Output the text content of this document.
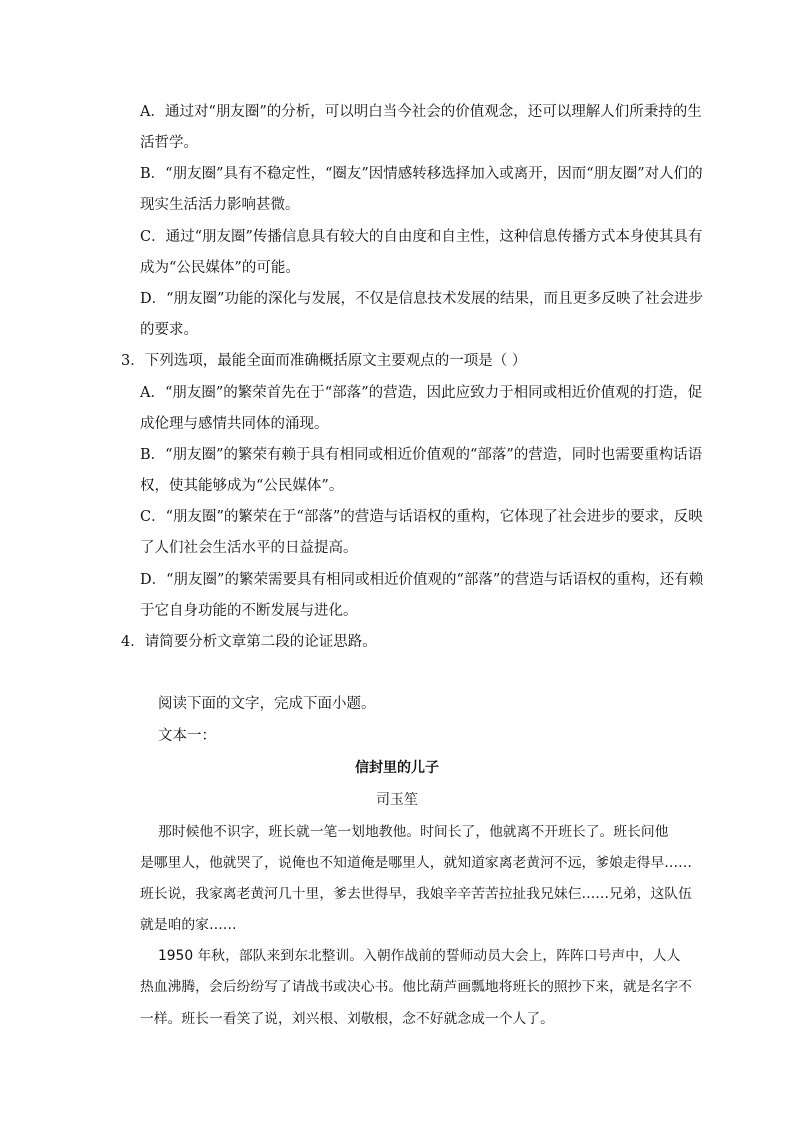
A．通过对“朋友圈”的分析，可以明白当今社会的价值观念，还可以理解人们所秉持的生
活哲学。
B．“朋友圈”具有不稳定性，“圈友”因情感转移选择加入或离开，因而“朋友圈”对人们的
现实生活活力影响甚微。
C．通过“朋友圈”传播信息具有较大的自由度和自主性，这种信息传播方式本身使其具有
成为“公民媒体”的可能。
D．“朋友圈”功能的深化与发展，不仅是信息技术发展的结果，而且更多反映了社会进步
的要求。
3．下列选项，最能全面而准确概括原文主要观点的一项是（ ）
A．“朋友圈”的繁荣首先在于“部落”的营造，因此应致力于相同或相近价值观的打造，促
成伦理与感情共同体的涌现。
B．“朋友圈”的繁荣有赖于具有相同或相近价值观的“部落”的营造，同时也需要重构话语
权，使其能够成为“公民媒体”。
C．“朋友圈”的繁荣在于“部落”的营造与话语权的重构，它体现了社会进步的要求，反映
了人们社会生活水平的日益提高。
D．“朋友圈”的繁荣需要具有相同或相近价值观的“部落”的营造与话语权的重构，还有赖
于它自身功能的不断发展与进化。
4．请简要分析文章第二段的论证思路。
阅读下面的文字，完成下面小题。
文本一：
信封里的儿子
司玉笙
那时候他不识字，班长就一笔一划地教他。时间长了，他就离不开班长了。班长问他
是哪里人，他就哭了，说俺也不知道俺是哪里人，就知道家离老黄河不远，爹娘走得早……
班长说，我家离老黄河几十里，爹去世得早，我娘辛辛苦苦拉扯我兄妹仨……兄弟，这队伍
就是咱的家……
1950 年秋，部队来到东北整训。入朝作战前的誓师动员大会上，阵阵口号声中，人人
热血沸腾，会后纷纷写了请战书或决心书。他比葫芦画瓢地将班长的照抄下来，就是名字不
一样。班长一看笑了说，刘兴根、刘敬根，念不好就念成一个人了。
